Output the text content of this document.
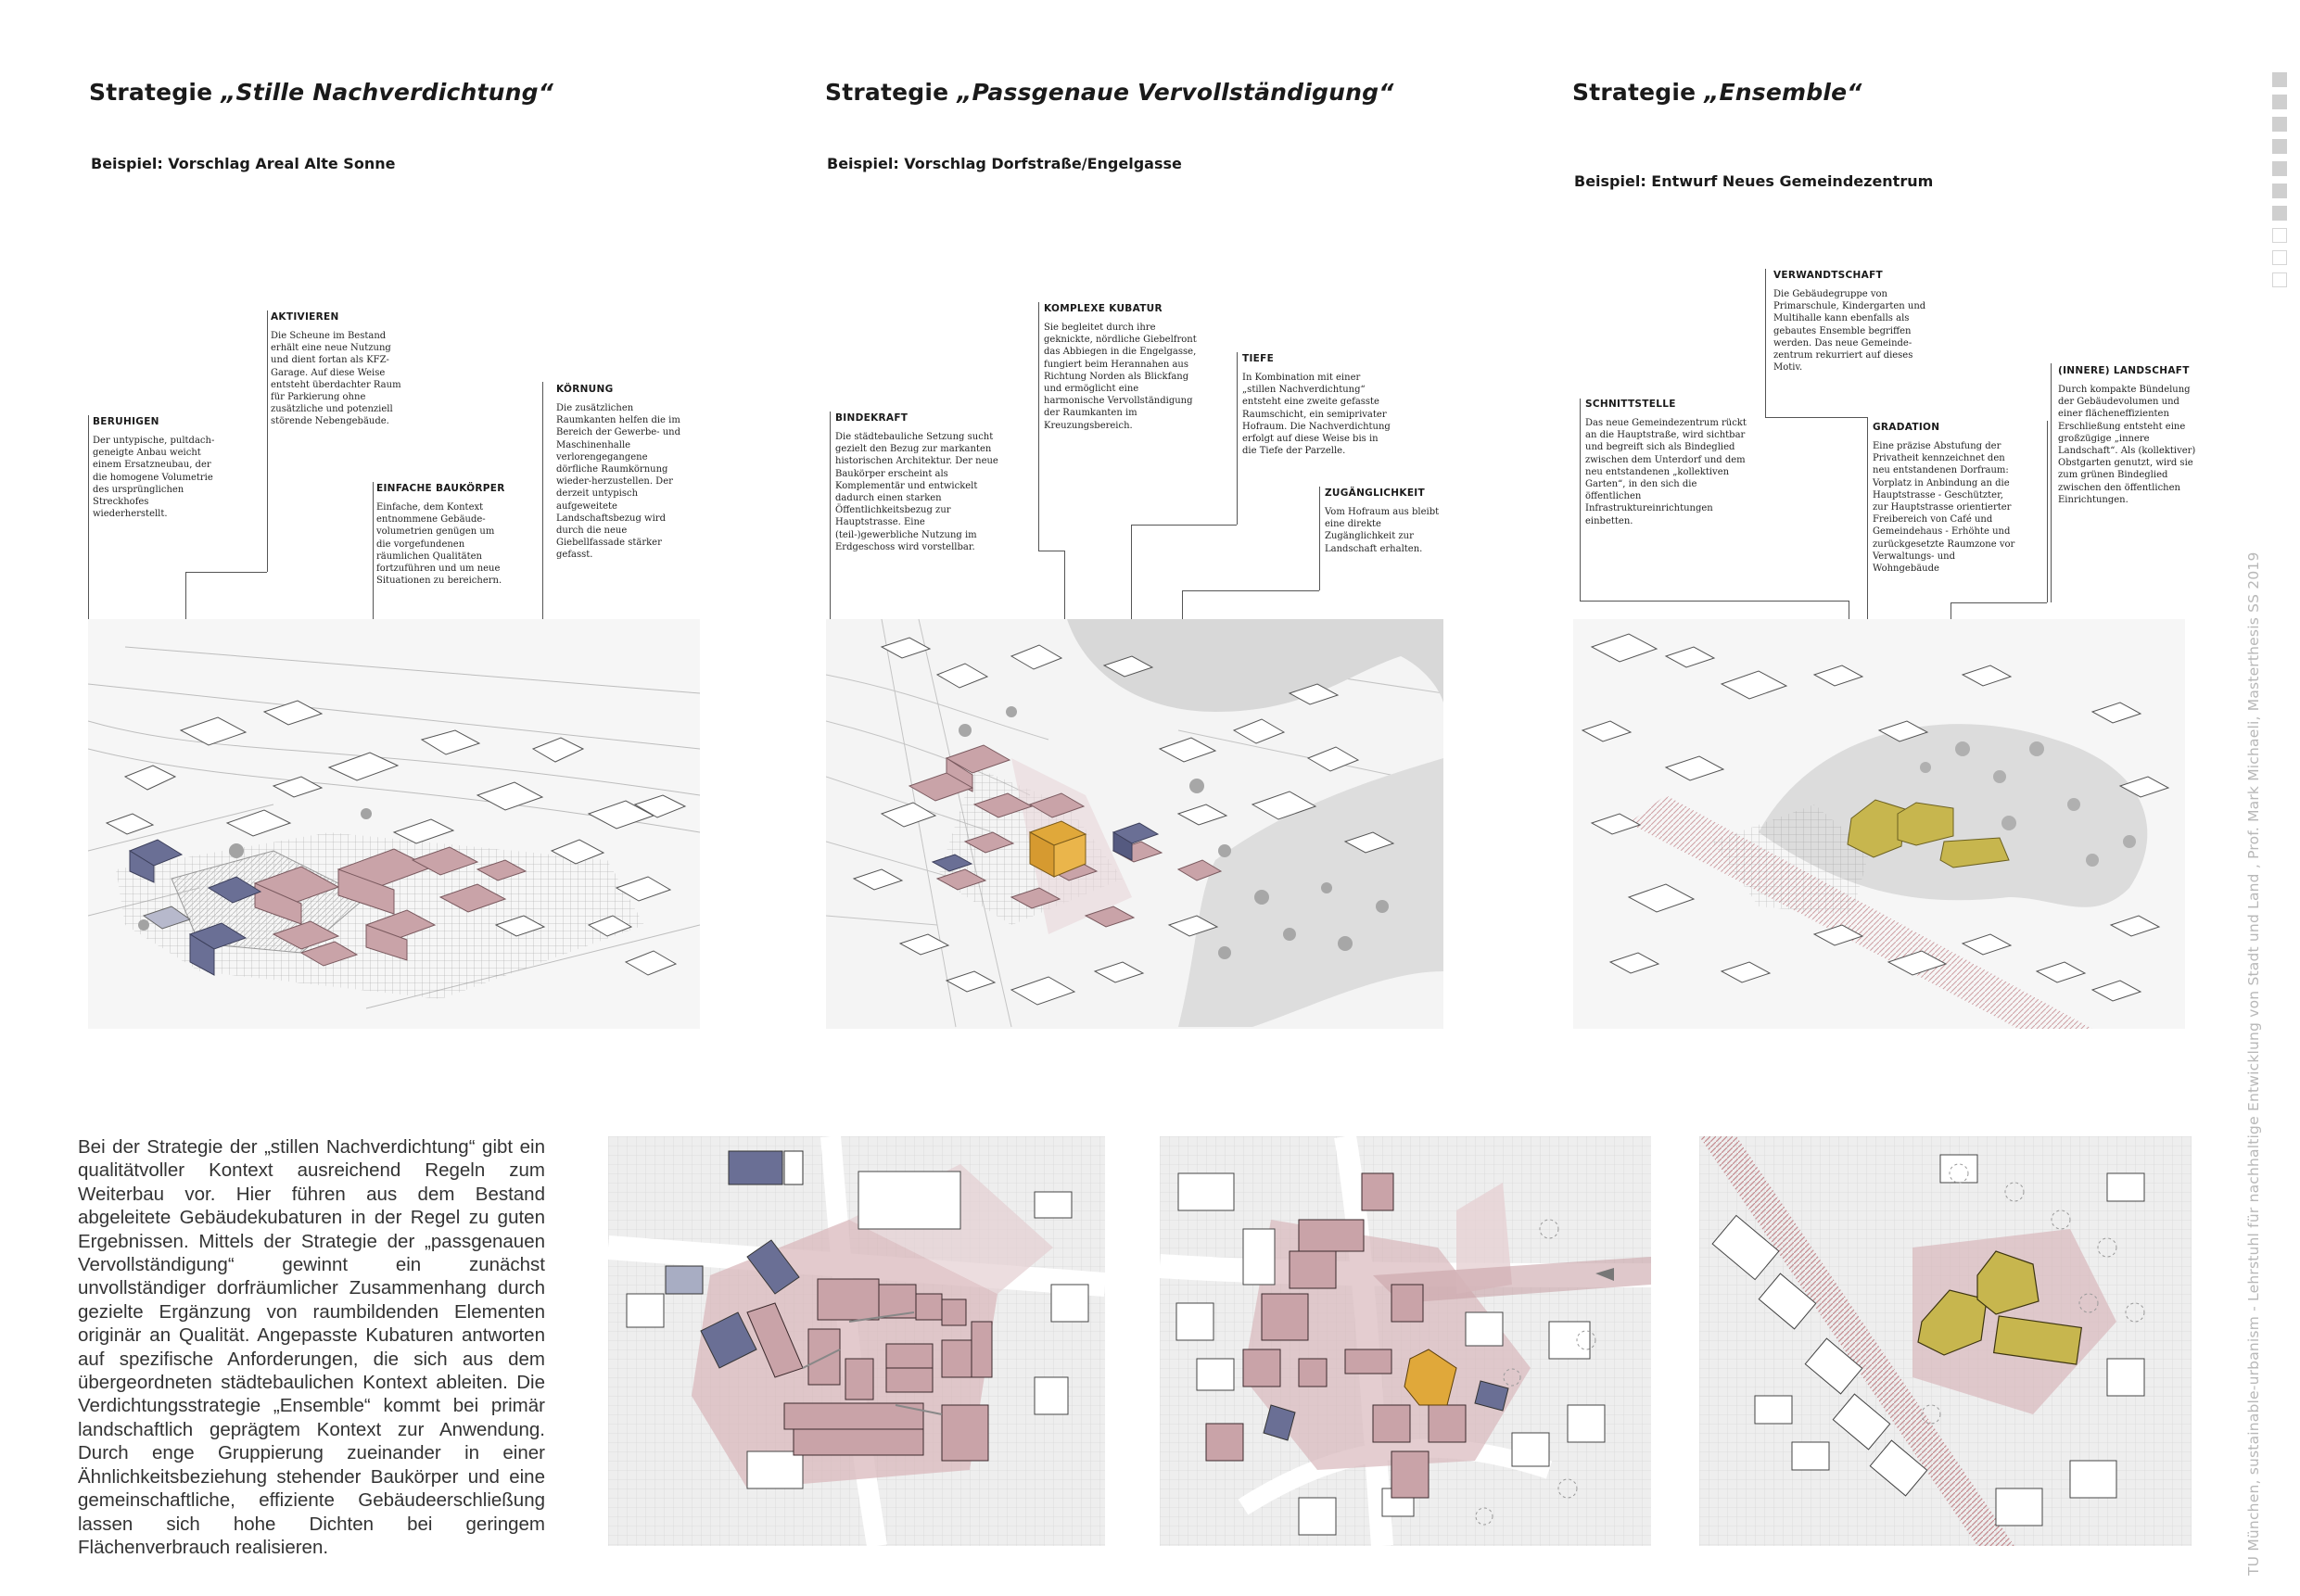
Strategie „Stille Nachverdichtung“
Beispiel: Vorschlag Areal Alte Sonne
Strategie „Passgenaue Vervollständigung“
Beispiel: Vorschlag Dorfstraße/Engelgasse
Strategie „Ensemble“
Beispiel: Entwurf Neues Gemeindezentrum
AKTIVIEREN
Die Scheune im Bestand erhält eine neue Nutzung und dient fortan als KFZ-Garage. Auf diese Weise entsteht überdachter Raum für Parkierung ohne zusätzliche und potenziell störende Nebengebäude.
BERUHIGEN
Der untypische, pultdach-geneigte Anbau weicht einem Ersatzneubau, der die homogene Volumetrie des ursprünglichen Streckhofes wiederherstellt.
EINFACHE BAUKÖRPER
Einfache, dem Kontext entnommene Gebäude-volumetrien genügen um die vorgefundenen räumlichen Qualitäten fortzuführen und um neue Situationen zu bereichern.
KÖRNUNG
Die zusätzlichen Raumkanten helfen die im Bereich der Gewerbe- und Maschinenhalle verlorengegangene dörfliche Raumkörnung wieder-herzustellen. Der derzeit untypisch aufgeweitete Landschaftsbezug wird durch die neue Giebellfassade stärker gefasst.
KOMPLEXE KUBATUR
Sie begleitet durch ihre geknickte, nördliche Giebelfront das Abbiegen in die Engelgasse, fungiert beim Herannahen aus Richtung Norden als Blickfang und ermöglicht eine harmonische Vervollständigung der Raumkanten im Kreuzungsbereich.
TIEFE
In Kombination mit einer „stillen Nachverdichtung“ entsteht eine zweite gefasste Raumschicht, ein semiprivater Hofraum. Die Nachverdichtung erfolgt auf diese Weise bis in die Tiefe der Parzelle.
BINDEKRAFT
Die städtebauliche Setzung sucht gezielt den Bezug zur markanten historischen Architektur. Der neue Baukörper erscheint als Komplementär und entwickelt dadurch einen starken Öffentlichkeitsbezug zur Hauptstrasse. Eine (teil-)gewerbliche Nutzung im Erdgeschoss wird vorstellbar.
ZUGÄNGLICHKEIT
Vom Hofraum aus bleibt eine direkte Zugänglichkeit zur Landschaft erhalten.
VERWANDTSCHAFT
Die Gebäudegruppe von Primarschule, Kindergarten und Multihalle kann ebenfalls als gebautes Ensemble begriffen werden. Das neue Gemeinde-zentrum rekurriert auf dieses Motiv.
SCHNITTSTELLE
Das neue Gemeindezentrum rückt an die Hauptstraße, wird sichtbar und begreift sich als Bindeglied zwischen dem Unterdorf und dem neu entstandenen „kollektiven Garten“, in den sich die öffentlichen Infrastruktureinrichtungen einbetten.
GRADATION
Eine präzise Abstufung der Privatheit kennzeichnet den neu entstandenen Dorfraum: Vorplatz in Anbindung an die Hauptstrasse - Geschützter, zur Hauptstrasse orientierter Freibereich von Café und Gemeindehaus - Erhöhte und zurückgesetzte Raumzone vor Verwaltungs- und Wohngebäude
(INNERE) LANDSCHAFT
Durch kompakte Bündelung der Gebäudevolumen und einer flächeneffizienten Erschließung entsteht eine großzügige „innere Landschaft“. Als (kollektiver) Obstgarten genutzt, wird sie zum grünen Bindeglied zwischen den öffentlichen Einrichtungen.
Bei der Strategie der „stillen Nachverdichtung“ gibt ein qualitätvoller Kontext ausreichend Regeln zum Weiterbau vor. Hier führen aus dem Bestand abgeleitete Gebäudekubaturen in der Regel zu guten Ergebnissen. Mittels der Strategie der „passgenauen Vervollständigung“ gewinnt ein zunächst unvollständiger dorfräumlicher Zusammenhang durch gezielte Ergänzung von raumbildenden Elementen originär an Qualität. Angepasste Kubaturen antworten auf spezifische Anforderungen, die sich aus dem übergeordneten städtebaulichen Kontext ableiten. Die Verdichtungsstrategie „Ensemble“ kommt bei primär landschaftlich geprägtem Kontext zur Anwendung. Durch enge Gruppierung zueinander in einer Ähnlichkeitsbeziehung stehender Baukörper und eine gemeinschaftliche, effiziente Gebäudeerschließung lassen sich hohe Dichten bei geringem Flächenverbrauch realisieren.	TU München, sustainable-urbanism - Lehrstuhl für nachhaltige Entwicklung von Stadt und Land , Prof. Mark Michaeli, Masterthesis SS 2019
